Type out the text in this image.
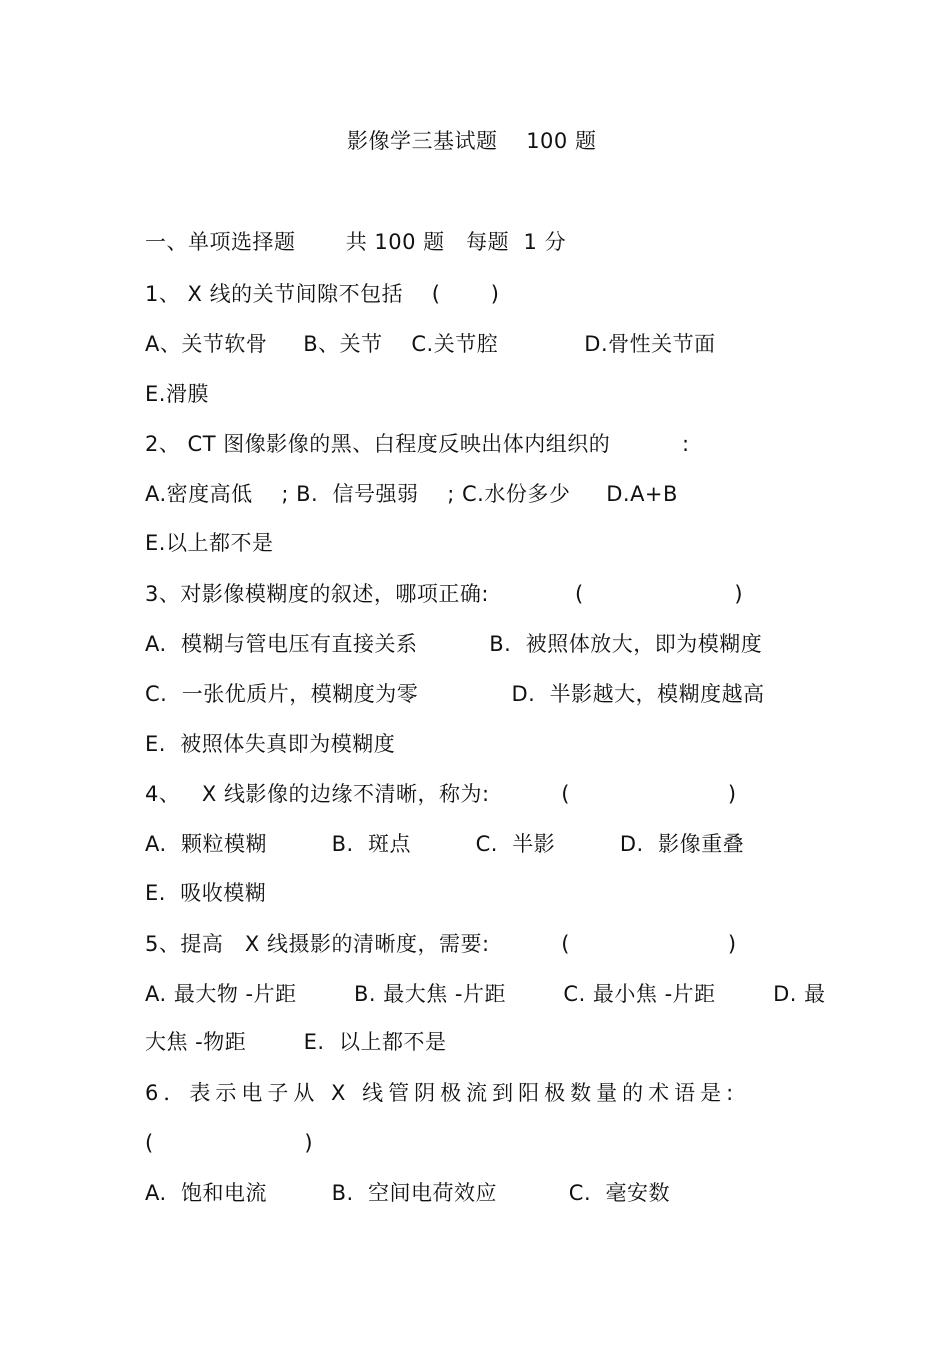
影像学三基试题    100 题
一、单项选择题       共 100 题   每题  1 分
1、 X 线的关节间隙不包括    (       )
A、关节软骨     B、关节    C.关节腔            D.骨性关节面
E.滑膜
2、 CT 图像影像的黑、白程度反映出体内组织的          :
A.密度高低    ; B.  信号强弱    ; C.水份多少     D.A+B
E.以上都不是
3、对影像模糊度的叙述，哪项正确:            (                     )
A.  模糊与管电压有直接关系          B.  被照体放大，即为模糊度
C.  一张优质片，模糊度为零             D.  半影越大，模糊度越高
E.  被照体失真即为模糊度
4、   X 线影像的边缘不清晰，称为:          (                      )
A.  颗粒模糊         B.  斑点         C.  半影         D.  影像重叠
E.  吸收模糊
5、提高   X 线摄影的清晰度，需要:          (                      )
A. 最大物 -片距        B. 最大焦 -片距        C. 最小焦 -片距        D. 最
大焦 -物距        E.  以上都不是
6．表示电子从 X 线管阴极流到阳极数量的术语是:
(                     )
A.  饱和电流         B.  空间电荷效应          C.  毫安数
